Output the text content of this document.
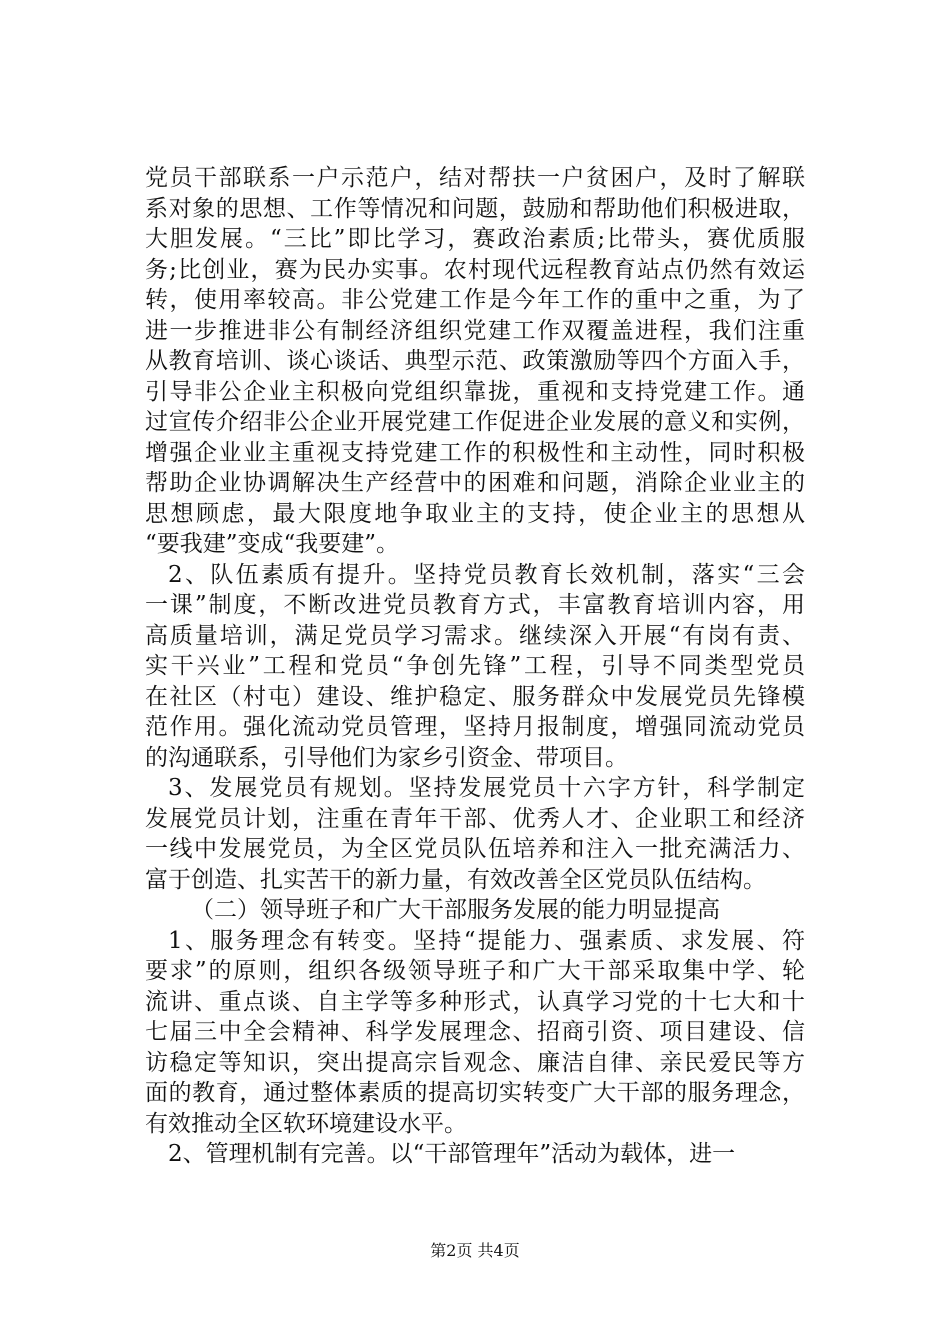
党员干部联系一户示范户，结对帮扶一户贫困户，及时了解联
系对象的思想、工作等情况和问题，鼓励和帮助他们积极进取，
大胆发展。“三比”即比学习，赛政治素质;比带头，赛优质服
务;比创业，赛为民办实事。农村现代远程教育站点仍然有效运
转，使用率较高。非公党建工作是今年工作的重中之重，为了
进一步推进非公有制经济组织党建工作双覆盖进程，我们注重
从教育培训、谈心谈话、典型示范、政策激励等四个方面入手，
引导非公企业主积极向党组织靠拢，重视和支持党建工作。通
过宣传介绍非公企业开展党建工作促进企业发展的意义和实例，
增强企业业主重视支持党建工作的积极性和主动性，同时积极
帮助企业协调解决生产经营中的困难和问题，消除企业业主的
思想顾虑，最大限度地争取业主的支持，使企业主的思想从
“要我建”变成“我要建”。
2、队伍素质有提升。坚持党员教育长效机制，落实“三会
一课”制度，不断改进党员教育方式，丰富教育培训内容，用
高质量培训，满足党员学习需求。继续深入开展“有岗有责、
实干兴业”工程和党员“争创先锋”工程，引导不同类型党员
在社区（村屯）建设、维护稳定、服务群众中发展党员先锋模
范作用。强化流动党员管理，坚持月报制度，增强同流动党员
的沟通联系，引导他们为家乡引资金、带项目。
3、发展党员有规划。坚持发展党员十六字方针，科学制定
发展党员计划，注重在青年干部、优秀人才、企业职工和经济
一线中发展党员，为全区党员队伍培养和注入一批充满活力、
富于创造、扎实苦干的新力量，有效改善全区党员队伍结构。
（二）领导班子和广大干部服务发展的能力明显提高
1、服务理念有转变。坚持“提能力、强素质、求发展、符
要求”的原则，组织各级领导班子和广大干部采取集中学、轮
流讲、重点谈、自主学等多种形式，认真学习党的十七大和十
七届三中全会精神、科学发展理念、招商引资、项目建设、信
访稳定等知识，突出提高宗旨观念、廉洁自律、亲民爱民等方
面的教育，通过整体素质的提高切实转变广大干部的服务理念，
有效推动全区软环境建设水平。
2、管理机制有完善。以“干部管理年”活动为载体，进一
第2页 共4页
